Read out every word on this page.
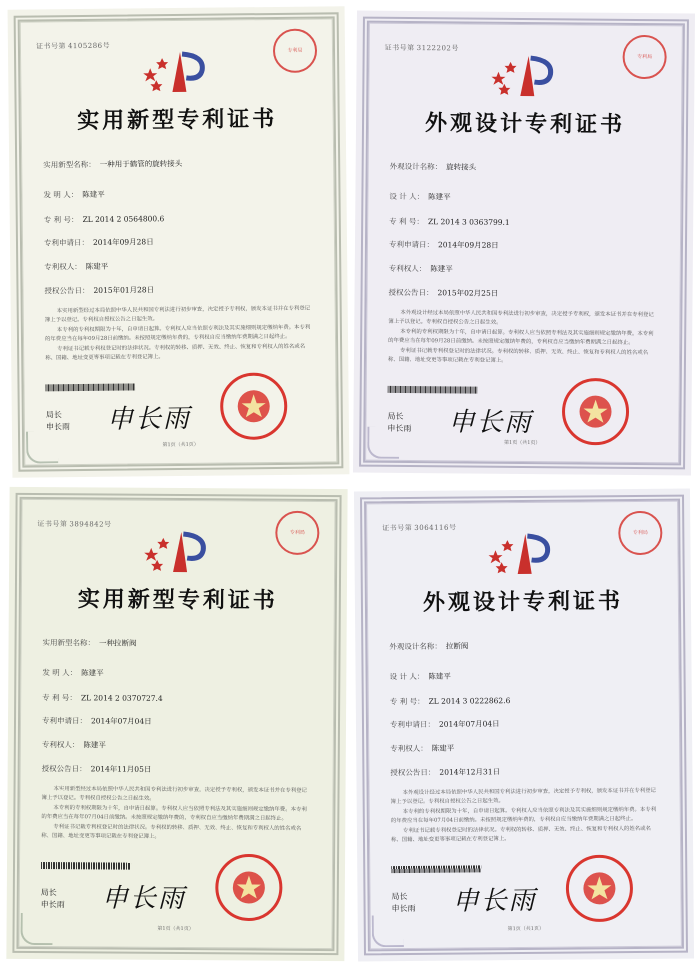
证书号第 4105286号
专利局
实用新型专利证书
实用新型名称： 一种用于鹤管的旋转接头
发 明 人： 陈建平
专 利 号： ZL 2014 2 0564800.6
专利申请日： 2014年09月28日
专利权人： 陈建平
授权公告日： 2015年01月28日

本实用新型经过本局依照中华人民共和国专利法进行初步审查，决定授予专利权，颁发本证书并在专利登记簿上予以登记。专利权自授权公告之日起生效。

本专利的专利权期限为十年，自申请日起算。专利权人应当依照专利法及其实施细则规定缴纳年费。本专利的年费应当在每年09月28日前缴纳。未按照规定缴纳年费的，专利权自应当缴纳年费期满之日起终止。

专利证书记载专利权登记时的法律状况。专利权的转移、质押、无效、终止、恢复和专利权人的姓名或名称、国籍、地址变更等事项记载在专利登记簿上。

局长
申长雨 申长雨
第1页（共1页）
证书号第 3122202号
专利局
外观设计专利证书
外观设计名称： 旋转接头
设 计 人： 陈建平
专 利 号： ZL 2014 3 0363799.1
专利申请日： 2014年09月28日
专利权人： 陈建平
授权公告日： 2015年02月25日

本外观设计经过本局依照中华人民共和国专利法进行初步审查，决定授予专利权，颁发本证书并在专利登记簿上予以登记。专利权自授权公告之日起生效。

本专利的专利权期限为十年，自申请日起算。专利权人应当依照专利法及其实施细则规定缴纳年费。本专利的年费应当在每年09月28日前缴纳。未按照规定缴纳年费的，专利权自应当缴纳年费期满之日起终止。

专利证书记载专利权登记时的法律状况。专利权的转移、质押、无效、终止、恢复和专利权人的姓名或名称、国籍、地址变更等事项记载在专利登记簿上。

局长
申长雨 申长雨
第1页（共1页）
证书号第 3894842号
专利局
实用新型专利证书
实用新型名称： 一种拉断阀
发 明 人： 陈建平
专 利 号： ZL 2014 2 0370727.4
专利申请日： 2014年07月04日
专利权人： 陈建平
授权公告日： 2014年11月05日

本实用新型经过本局依照中华人民共和国专利法进行初步审查，决定授予专利权，颁发本证书并在专利登记簿上予以登记。专利权自授权公告之日起生效。

本专利的专利权期限为十年，自申请日起算。专利权人应当依照专利法及其实施细则规定缴纳年费。本专利的年费应当在每年07月04日前缴纳。未按照规定缴纳年费的，专利权自应当缴纳年费期满之日起终止。

专利证书记载专利权登记时的法律状况。专利权的转移、质押、无效、终止、恢复和专利权人的姓名或名称、国籍、地址变更等事项记载在专利登记簿上。

局长
申长雨 申长雨
第1页（共1页）
证书号第 3064116号
专利局
外观设计专利证书
外观设计名称： 拉断阀
设 计 人： 陈建平
专 利 号： ZL 2014 3 0222862.6
专利申请日： 2014年07月04日
专利权人： 陈建平
授权公告日： 2014年12月31日

本外观设计经过本局依照中华人民共和国专利法进行初步审查，决定授予专利权，颁发本证书并在专利登记簿上予以登记。专利权自授权公告之日起生效。

本专利的专利权期限为十年，自申请日起算。专利权人应当依照专利法及其实施细则规定缴纳年费。本专利的年费应当在每年07月04日前缴纳。未按照规定缴纳年费的，专利权自应当缴纳年费期满之日起终止。

专利证书记载专利权登记时的法律状况。专利权的转移、质押、无效、终止、恢复和专利权人的姓名或名称、国籍、地址变更等事项记载在专利登记簿上。

局长
申长雨 申长雨
第1页（共1页）
